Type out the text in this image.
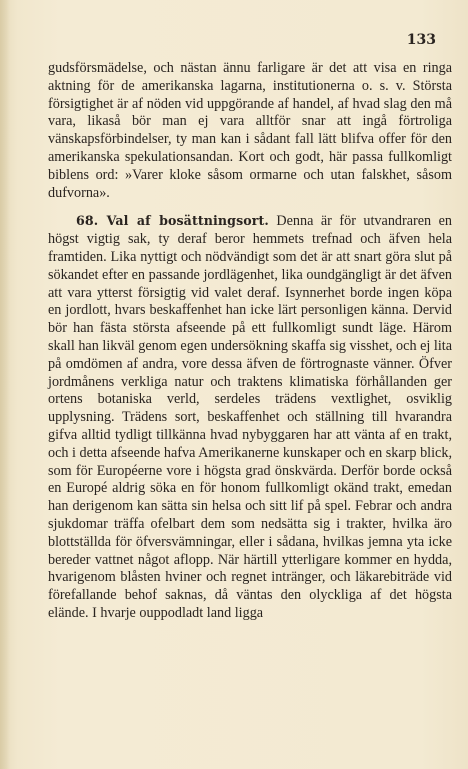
133

gudsförsmädelse, och nästan ännu farligare är det att visa en ringa aktning för de amerikanska lagarna, institutionerna o. s. v. Största försigtighet är af nöden vid uppgörande af handel, af hvad slag den må vara, likaså bör man ej vara alltför snar att ingå förtroliga vänskapsförbindelser, ty man kan i sådant fall lätt blifva offer för den amerikanska spekulationsandan. Kort och godt, här passa fullkomligt biblens ord: »Varer kloke såsom ormarne och utan falskhet, såsom dufvorna».

68. Val af bosättningsort. Denna är för utvandraren en högst vigtig sak, ty deraf beror hemmets trefnad och äfven hela framtiden. Lika nyttigt och nödvändigt som det är att snart göra slut på sökandet efter en passande jordlägenhet, lika oundgängligt är det äfven att vara ytterst försigtig vid valet deraf. Isynnerhet borde ingen köpa en jordlott, hvars beskaffenhet han icke lärt personligen känna. Dervid bör han fästa största afseende på ett fullkomligt sundt läge. Härom skall han likväl genom egen undersökning skaffa sig visshet, och ej lita på omdömen af andra, vore dessa äfven de förtrognaste vänner. Öfver jordmånens verkliga natur och traktens klimatiska förhållanden ger ortens botaniska verld, serdeles trädens vextlighet, osviklig upplysning. Trädens sort, beskaffenhet och ställning till hvarandra gifva alltid tydligt tillkänna hvad nybyggaren har att vänta af en trakt, och i detta afseende hafva Amerikanerne kunskaper och en skarp blick, som för Européerne vore i högsta grad önskvärda. Derför borde också en Europé aldrig söka en för honom fullkomligt okänd trakt, emedan han derigenom kan sätta sin helsa och sitt lif på spel. Febrar och andra sjukdomar träffa ofelbart dem som nedsätta sig i trakter, hvilka äro blottställda för öfversvämningar, eller i sådana, hvilkas jemna yta icke bereder vattnet något aflopp. När härtill ytterligare kommer en hydda, hvarigenom blåsten hviner och regnet intränger, och läkarebiträde vid förefallande behof saknas, då väntas den olyckliga af det högsta elände. I hvarje ouppodladt land ligga
